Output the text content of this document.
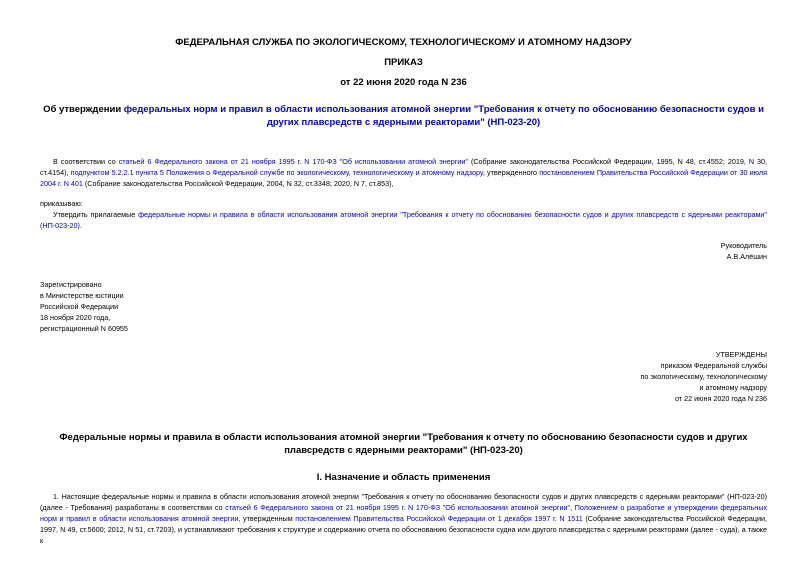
ФЕДЕРАЛЬНАЯ СЛУЖБА ПО ЭКОЛОГИЧЕСКОМУ, ТЕХНОЛОГИЧЕСКОМУ И АТОМНОМУ НАДЗОРУ
ПРИКАЗ
от 22 июня 2020 года N 236
Об утверждении федеральных норм и правил в области использования атомной энергии "Требования к отчету по обоснованию безопасности судов и других плавсредств с ядерными реакторами" (НП-023-20)
В соответствии со статьей 6 Федерального закона от 21 ноября 1995 г. N 170-ФЗ "Об использовании атомной энергии" (Собрание законодательства Российской Федерации, 1995, N 48, ст.4552; 2019, N 30, ст.4154), подпунктом 5.2.2.1 пункта 5 Положения о Федеральной службе по экологическому, технологическому и атомному надзору, утвержденного постановлением Правительства Российской Федерации от 30 июля 2004 г. N 401 (Собрание законодательства Российской Федерации, 2004, N 32, ст.3348; 2020, N 7, ст.853),
приказываю:
Утвердить прилагаемые федеральные нормы и правила в области использования атомной энергии "Требования к отчету по обоснованию безопасности судов и других плавсредств с ядерными реакторами" (НП-023-20).
Руководитель
А.В.Алёшин
Зарегистрировано
в Министерстве юстиции
Российской Федерации
18 ноября 2020 года,
регистрационный N 60955
УТВЕРЖДЕНЫ
приказом Федеральной службы
по экологическому, технологическому
и атомному надзору
от 22 июня 2020 года N 236
Федеральные нормы и правила в области использования атомной энергии "Требования к отчету по обоснованию безопасности судов и других плавсредств с ядерными реакторами" (НП-023-20)
I. Назначение и область применения
1. Настоящие федеральные нормы и правила в области использования атомной энергии "Требования к отчету по обоснованию безопасности судов и других плавсредств с ядерными реакторами" (НП-023-20) (далее - Требования) разработаны в соответствии со статьей 6 Федерального закона от 21 ноября 1995 г. N 170-ФЗ "Об использовании атомной энергии", Положением о разработке и утверждении федеральных норм и правил в области использования атомной энергии, утвержденным постановлением Правительства Российской Федерации от 1 декабря 1997 г. N 1511 (Собрание законодательства Российской Федерации, 1997, N 49, ст.5600; 2012, N 51, ст.7203), и устанавливают требования к структуре и содержанию отчета по обоснованию безопасности судна или другого плавсредства с ядерными реакторами (далее - суда), а также к
